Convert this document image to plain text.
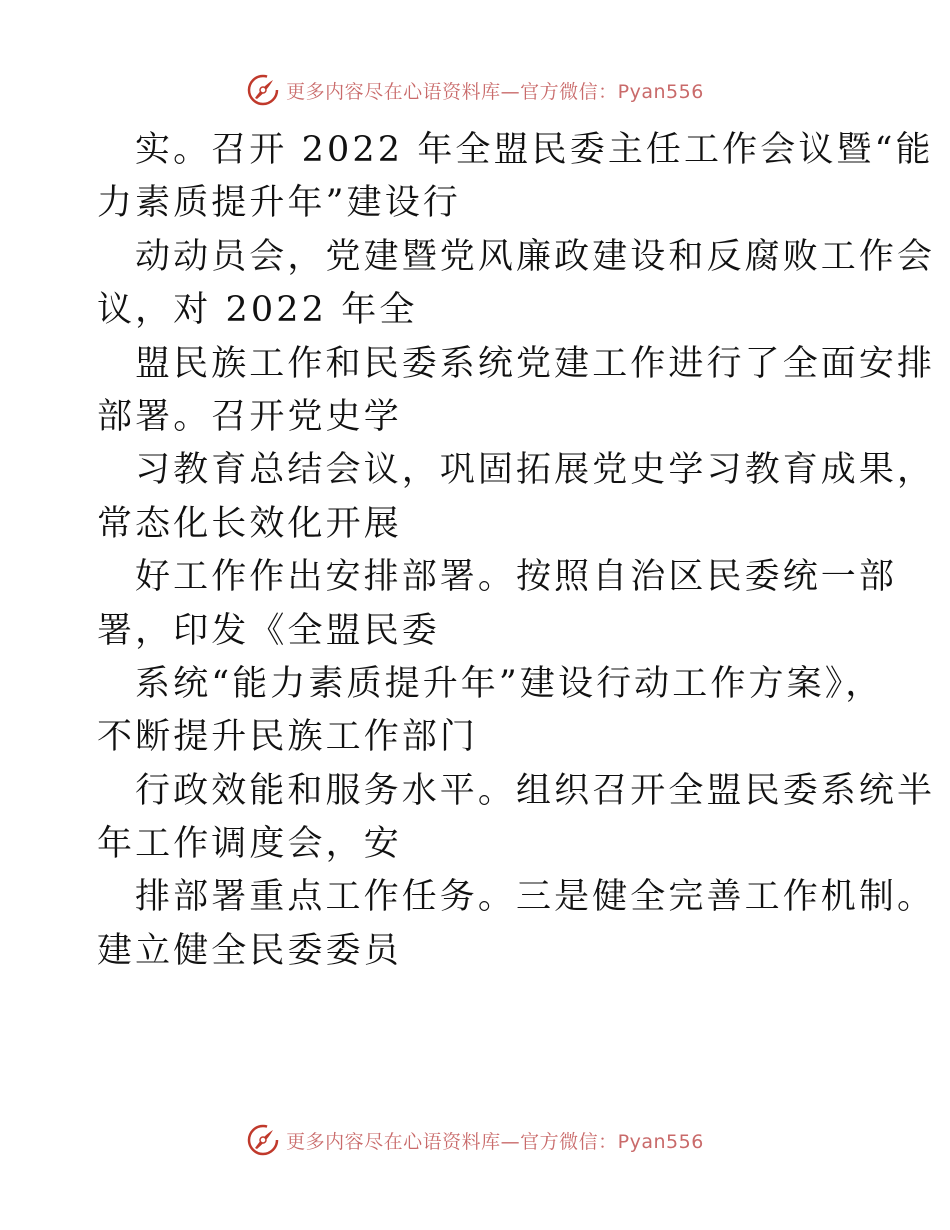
更多内容尽在心语资料库—官方微信：Pyan556
实。召开 2022 年全盟民委主任工作会议暨“能
力素质提升年”建设行
动动员会，党建暨党风廉政建设和反腐败工作会
议，对 2022 年全
盟民族工作和民委系统党建工作进行了全面安排
部署。召开党史学
习教育总结会议，巩固拓展党史学习教育成果，
常态化长效化开展
好工作作出安排部署。按照自治区民委统一部
署，印发《全盟民委
系统“能力素质提升年”建设行动工作方案》，
不断提升民族工作部门
行政效能和服务水平。组织召开全盟民委系统半
年工作调度会，安
排部署重点工作任务。三是健全完善工作机制。
建立健全民委委员
更多内容尽在心语资料库—官方微信：Pyan556
